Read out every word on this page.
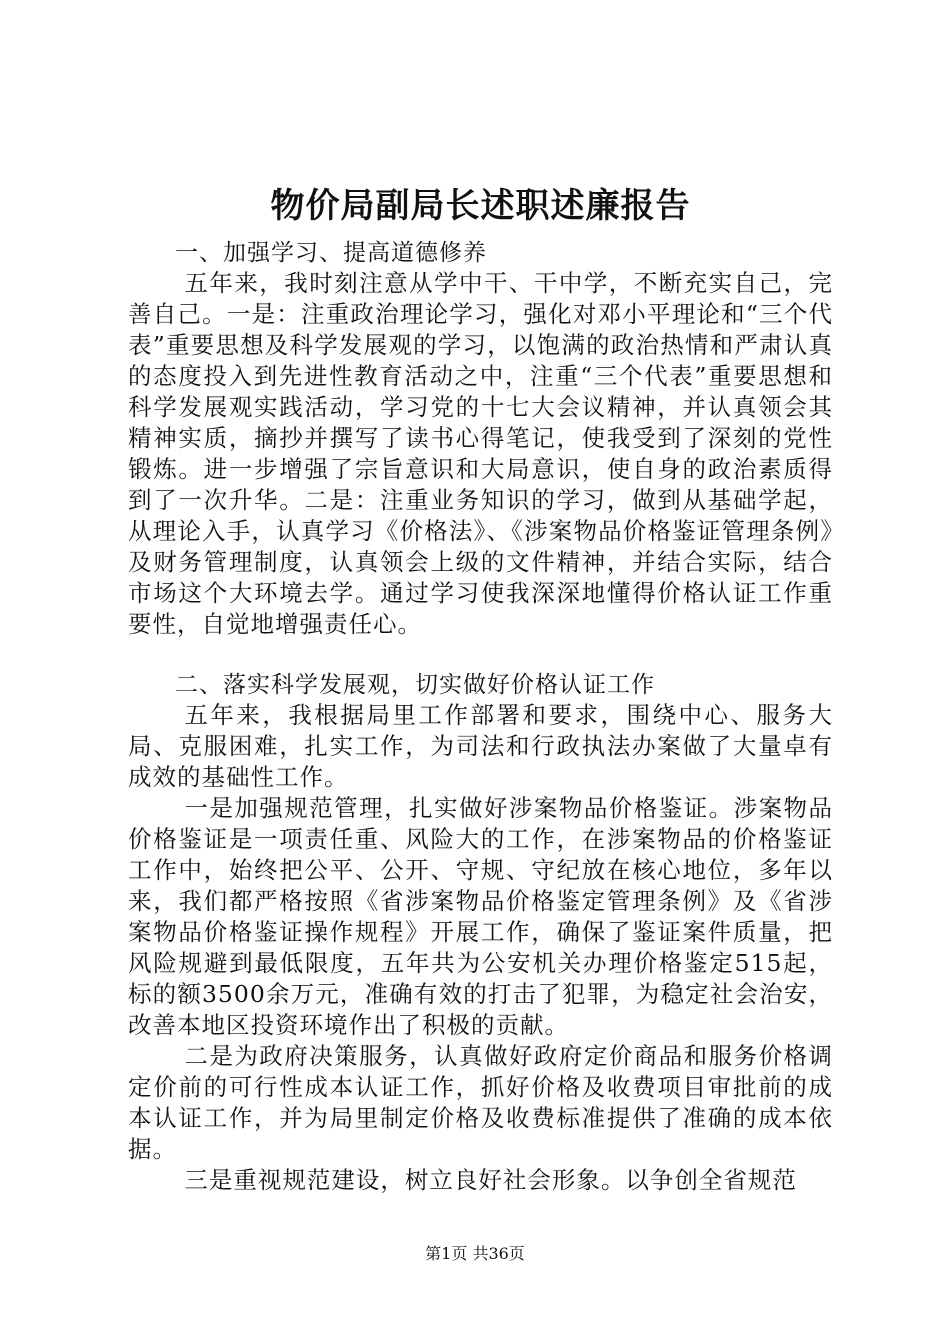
物价局副局长述职述廉报告

一、加强学习、提高道德修养

五年来，我时刻注意从学中干、干中学，不断充实自己，完善自己。一是：注重政治理论学习，强化对邓小平理论和“三个代表”重要思想及科学发展观的学习，以饱满的政治热情和严肃认真的态度投入到先进性教育活动之中，注重“三个代表”重要思想和科学发展观实践活动，学习党的十七大会议精神，并认真领会其精神实质，摘抄并撰写了读书心得笔记，使我受到了深刻的党性锻炼。进一步增强了宗旨意识和大局意识，使自身的政治素质得到了一次升华。二是：注重业务知识的学习，做到从基础学起，从理论入手，认真学习《价格法》、《涉案物品价格鉴证管理条例》及财务管理制度，认真领会上级的文件精神，并结合实际，结合市场这个大环境去学。通过学习使我深深地懂得价格认证工作重要性，自觉地增强责任心。

二、落实科学发展观，切实做好价格认证工作

五年来，我根据局里工作部署和要求，围绕中心、服务大局、克服困难，扎实工作，为司法和行政执法办案做了大量卓有成效的基础性工作。

一是加强规范管理，扎实做好涉案物品价格鉴证。涉案物品价格鉴证是一项责任重、风险大的工作，在涉案物品的价格鉴证工作中，始终把公平、公开、守规、守纪放在核心地位，多年以来，我们都严格按照《省涉案物品价格鉴定管理条例》及《省涉案物品价格鉴证操作规程》开展工作，确保了鉴证案件质量，把风险规避到最低限度，五年共为公安机关办理价格鉴定515起，标的额3500余万元，准确有效的打击了犯罪，为稳定社会治安，改善本地区投资环境作出了积极的贡献。

二是为政府决策服务，认真做好政府定价商品和服务价格调定价前的可行性成本认证工作，抓好价格及收费项目审批前的成本认证工作，并为局里制定价格及收费标准提供了准确的成本依据。

三是重视规范建设，树立良好社会形象。以争创全省规范

第1页 共36页
